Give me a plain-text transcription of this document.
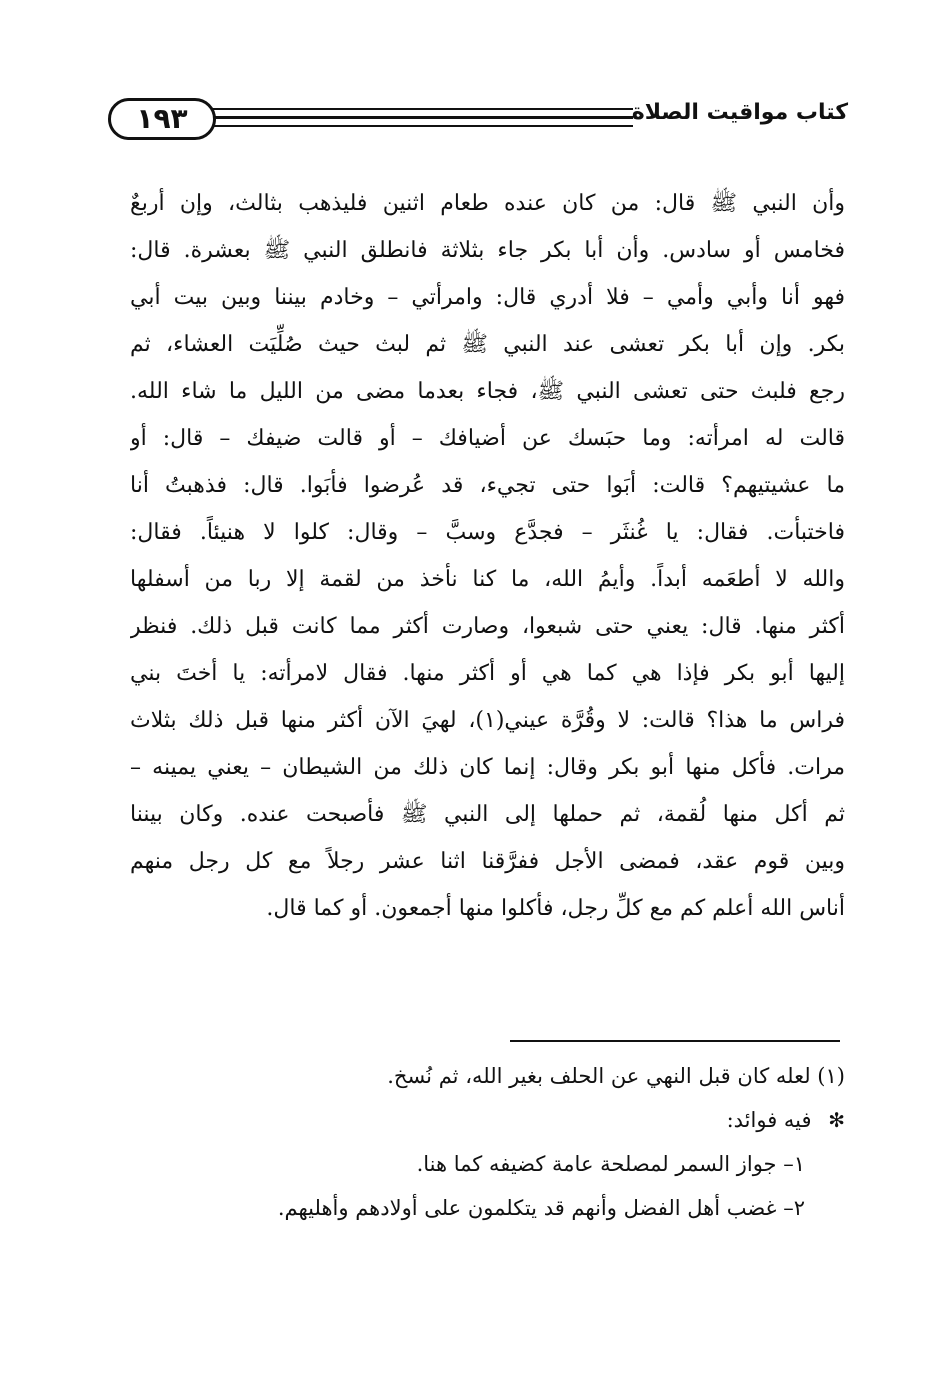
١٩٣	كتاب مواقيت الصلاة
وأن النبي ﷺ قال: من كان عنده طعام اثنين فليذهب بثالث، وإن أربعٌ
فخامس أو سادس. وأن أبا بكر جاء بثلاثة فانطلق النبي ﷺ بعشرة. قال:
فهو أنا وأبي وأمي – فلا أدري قال: وامرأتي – وخادم بيننا وبين بيت أبي
بكر. وإن أبا بكر تعشى عند النبي ﷺ ثم لبث حيث صُلِّيَت العشاء، ثم
رجع فلبث حتى تعشى النبي ﷺ، فجاء بعدما مضى من الليل ما شاء الله.
قالت له امرأته: وما حبَسك عن أضيافك – أو قالت ضيفك – قال: أو
ما عشيتيهم؟ قالت: أبَوا حتى تجيء، قد عُرضوا فأبَوا. قال: فذهبتُ أنا
فاختبأت. فقال: يا غُنثَر – فجدَّع وسبَّ – وقال: كلوا لا هنيئاً. فقال:
والله لا أطعَمه أبداً. وأيمُ الله، ما كنا نأخذ من لقمة إلا ربا من أسفلها
أكثر منها. قال: يعني حتى شبعوا، وصارت أكثر مما كانت قبل ذلك. فنظر
إليها أبو بكر فإذا هي كما هي أو أكثر منها. فقال لامرأته: يا أختَ بني
فراس ما هذا؟ قالت: لا وقُرَّة عيني(١)، لهيَ الآن أكثر منها قبل ذلك بثلاث
مرات. فأكل منها أبو بكر وقال: إنما كان ذلك من الشيطان – يعني يمينه –
ثم أكل منها لُقمة، ثم حملها إلى النبي ﷺ فأصبحت عنده. وكان بيننا
وبين قوم عقد، فمضى الأجل ففرَّقنا اثنا عشر رجلاً مع كل رجل منهم
أناس الله أعلم كم مع كلِّ رجل، فأكلوا منها أجمعون. أو كما قال.
(١) لعله كان قبل النهي عن الحلف بغير الله، ثم نُسخ.
✻ فيه فوائد:
١– جواز السمر لمصلحة عامة كضيفه كما هنا.
٢– غضب أهل الفضل وأنهم قد يتكلمون على أولادهم وأهليهم.
